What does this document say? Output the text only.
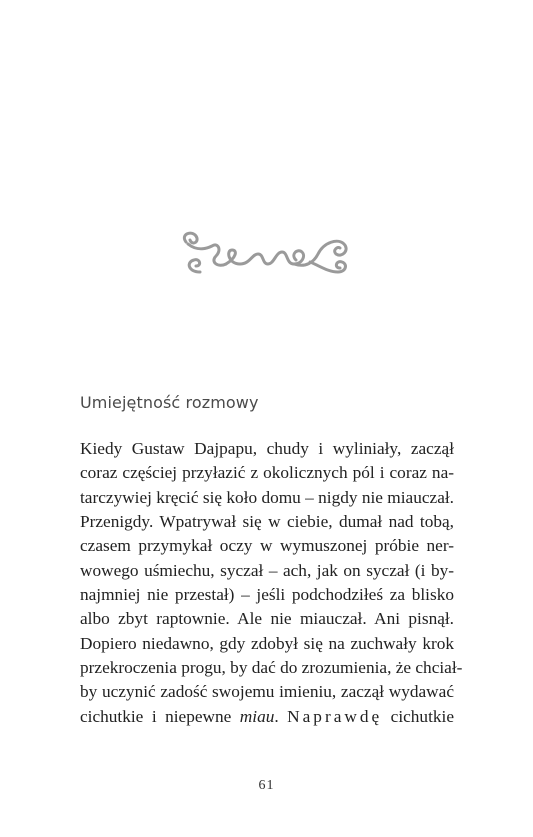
Umiejętność rozmowy
Kiedy Gustaw Dajpapu, chudy i wyliniały, zaczął
coraz częściej przyłazić z okolicznych pól i coraz na-
tarczywiej kręcić się koło domu – nigdy nie miauczał.
Przenigdy. Wpatrywał się w ciebie, dumał nad tobą,
czasem przymykał oczy w wymuszonej próbie ner-
wowego uśmiechu, syczał – ach, jak on syczał (i by-
najmniej nie przestał) – jeśli podchodziłeś za blisko
albo zbyt raptownie. Ale nie miauczał. Ani pisnął.
Dopiero niedawno, gdy zdobył się na zuchwały krok
przekroczenia progu, by dać do zrozumienia, że chciał-
by uczynić zadość swojemu imieniu, zaczął wydawać
cichutkie i niepewne miau. Naprawdę cichutkie
61
